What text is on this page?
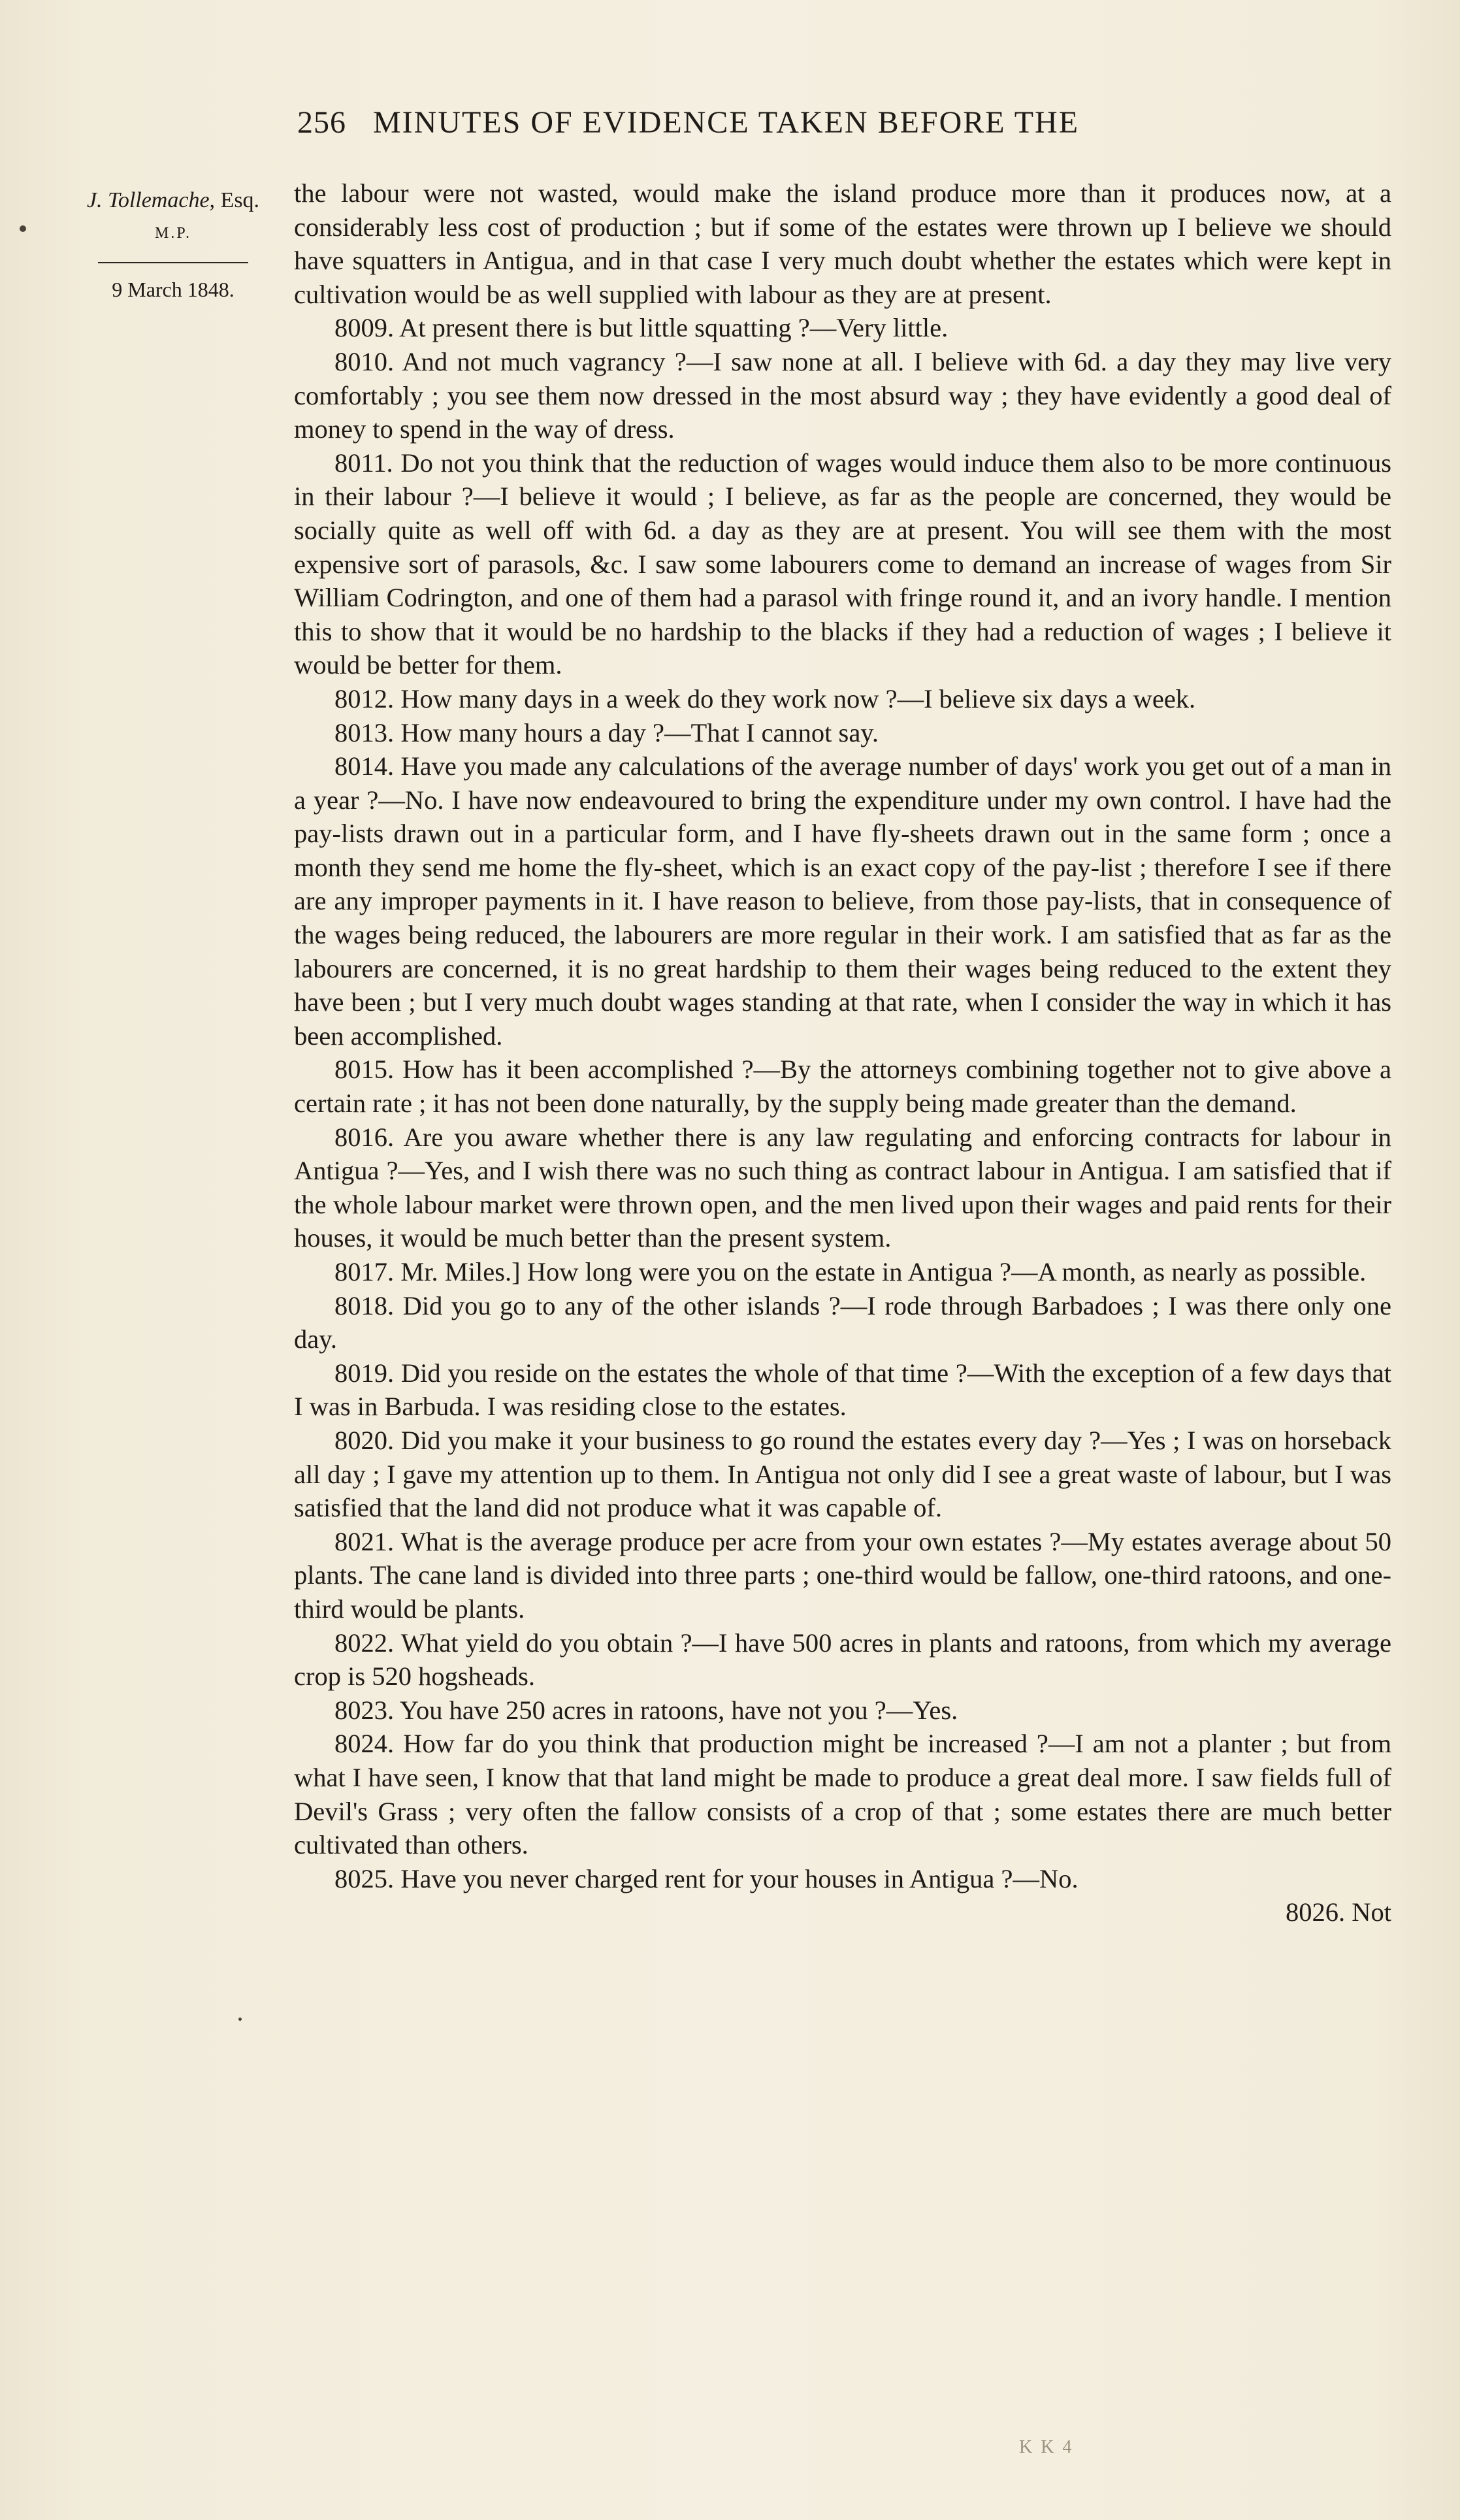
256 MINUTES OF EVIDENCE TAKEN BEFORE THE
J. Tollemache, Esq.
M.P.
9 March 1848.

the labour were not wasted, would make the island produce more than it produces now, at a considerably less cost of production ; but if some of the estates were thrown up I believe we should have squatters in Antigua, and in that case I very much doubt whether the estates which were kept in cultivation would be as well supplied with labour as they are at present.

8009. At present there is but little squatting ?—Very little.

8010. And not much vagrancy ?—I saw none at all. I believe with 6d. a day they may live very comfortably ; you see them now dressed in the most absurd way ; they have evidently a good deal of money to spend in the way of dress.

8011. Do not you think that the reduction of wages would induce them also to be more continuous in their labour ?—I believe it would ; I believe, as far as the people are concerned, they would be socially quite as well off with 6d. a day as they are at present. You will see them with the most expensive sort of parasols, &c. I saw some labourers come to demand an increase of wages from Sir William Codrington, and one of them had a parasol with fringe round it, and an ivory handle. I mention this to show that it would be no hardship to the blacks if they had a reduction of wages ; I believe it would be better for them.

8012. How many days in a week do they work now ?—I believe six days a week.

8013. How many hours a day ?—That I cannot say.

8014. Have you made any calculations of the average number of days' work you get out of a man in a year ?—No. I have now endeavoured to bring the expenditure under my own control. I have had the pay-lists drawn out in a particular form, and I have fly-sheets drawn out in the same form ; once a month they send me home the fly-sheet, which is an exact copy of the pay-list ; therefore I see if there are any improper payments in it. I have reason to believe, from those pay-lists, that in consequence of the wages being reduced, the labourers are more regular in their work. I am satisfied that as far as the labourers are concerned, it is no great hardship to them their wages being reduced to the extent they have been ; but I very much doubt wages standing at that rate, when I consider the way in which it has been accomplished.

8015. How has it been accomplished ?—By the attorneys combining together not to give above a certain rate ; it has not been done naturally, by the supply being made greater than the demand.

8016. Are you aware whether there is any law regulating and enforcing contracts for labour in Antigua ?—Yes, and I wish there was no such thing as contract labour in Antigua. I am satisfied that if the whole labour market were thrown open, and the men lived upon their wages and paid rents for their houses, it would be much better than the present system.

8017. Mr. Miles.] How long were you on the estate in Antigua ?—A month, as nearly as possible.

8018. Did you go to any of the other islands ?—I rode through Barbadoes ; I was there only one day.

8019. Did you reside on the estates the whole of that time ?—With the exception of a few days that I was in Barbuda. I was residing close to the estates.

8020. Did you make it your business to go round the estates every day ?—Yes ; I was on horseback all day ; I gave my attention up to them. In Antigua not only did I see a great waste of labour, but I was satisfied that the land did not produce what it was capable of.

8021. What is the average produce per acre from your own estates ?—My estates average about 50 plants. The cane land is divided into three parts ; one-third would be fallow, one-third ratoons, and one-third would be plants.

8022. What yield do you obtain ?—I have 500 acres in plants and ratoons, from which my average crop is 520 hogsheads.

8023. You have 250 acres in ratoons, have not you ?—Yes.

8024. How far do you think that production might be increased ?—I am not a planter ; but from what I have seen, I know that that land might be made to produce a great deal more. I saw fields full of Devil's Grass ; very often the fallow consists of a crop of that ; some estates there are much better cultivated than others.

8025. Have you never charged rent for your houses in Antigua ?—No.

8026. Not

K K 4
